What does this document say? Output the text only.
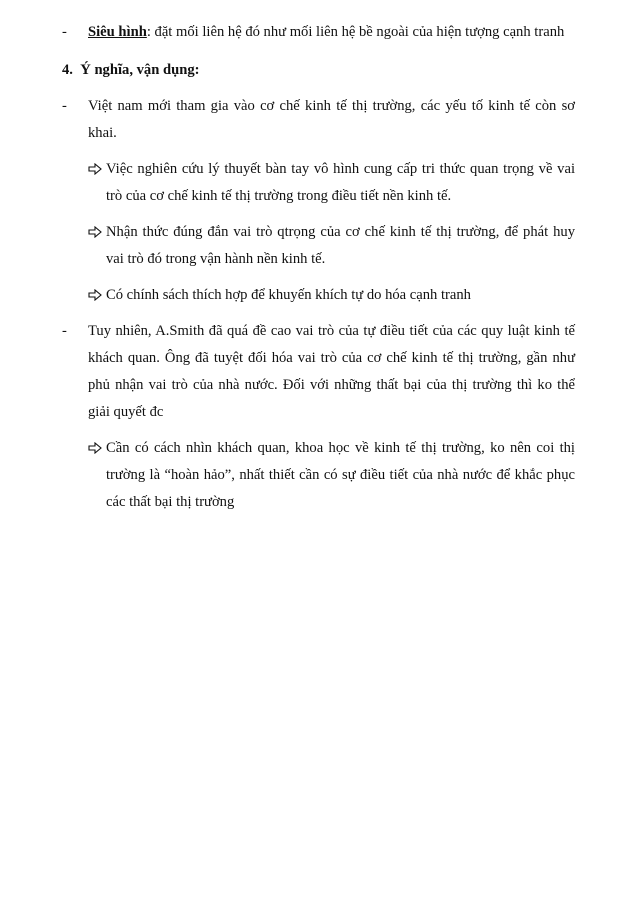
- Siêu hình: đặt mối liên hệ đó như mối liên hệ bề ngoài của hiện tượng cạnh tranh
4. Ý nghĩa, vận dụng:
- Việt nam mới tham gia vào cơ chế kinh tế thị trường, các yếu tố kinh tế còn sơ
khai.
Việc nghiên cứu lý thuyết bàn tay vô hình cung cấp tri thức quan trọng về vai
trò của cơ chế kinh tế thị trường trong điều tiết nền kinh tế.
Nhận thức đúng đắn vai trò qtrọng của cơ chế kinh tế thị trường, để phát huy
vai trò đó trong vận hành nền kinh tế.
Có chính sách thích hợp để khuyến khích tự do hóa cạnh tranh
- Tuy nhiên, A.Smith đã quá đề cao vai trò của tự điều tiết của các quy luật kinh tế
khách quan. Ông đã tuyệt đối hóa vai trò của cơ chế kinh tế thị trường, gần như
phủ nhận vai trò của nhà nước. Đối với những thất bại của thị trường thì ko thể
giải quyết đc
Cần có cách nhìn khách quan, khoa học về kinh tế thị trường, ko nên coi thị
trường là “hoàn hảo”, nhất thiết cần có sự điều tiết của nhà nước để khắc phục
các thất bại thị trường
